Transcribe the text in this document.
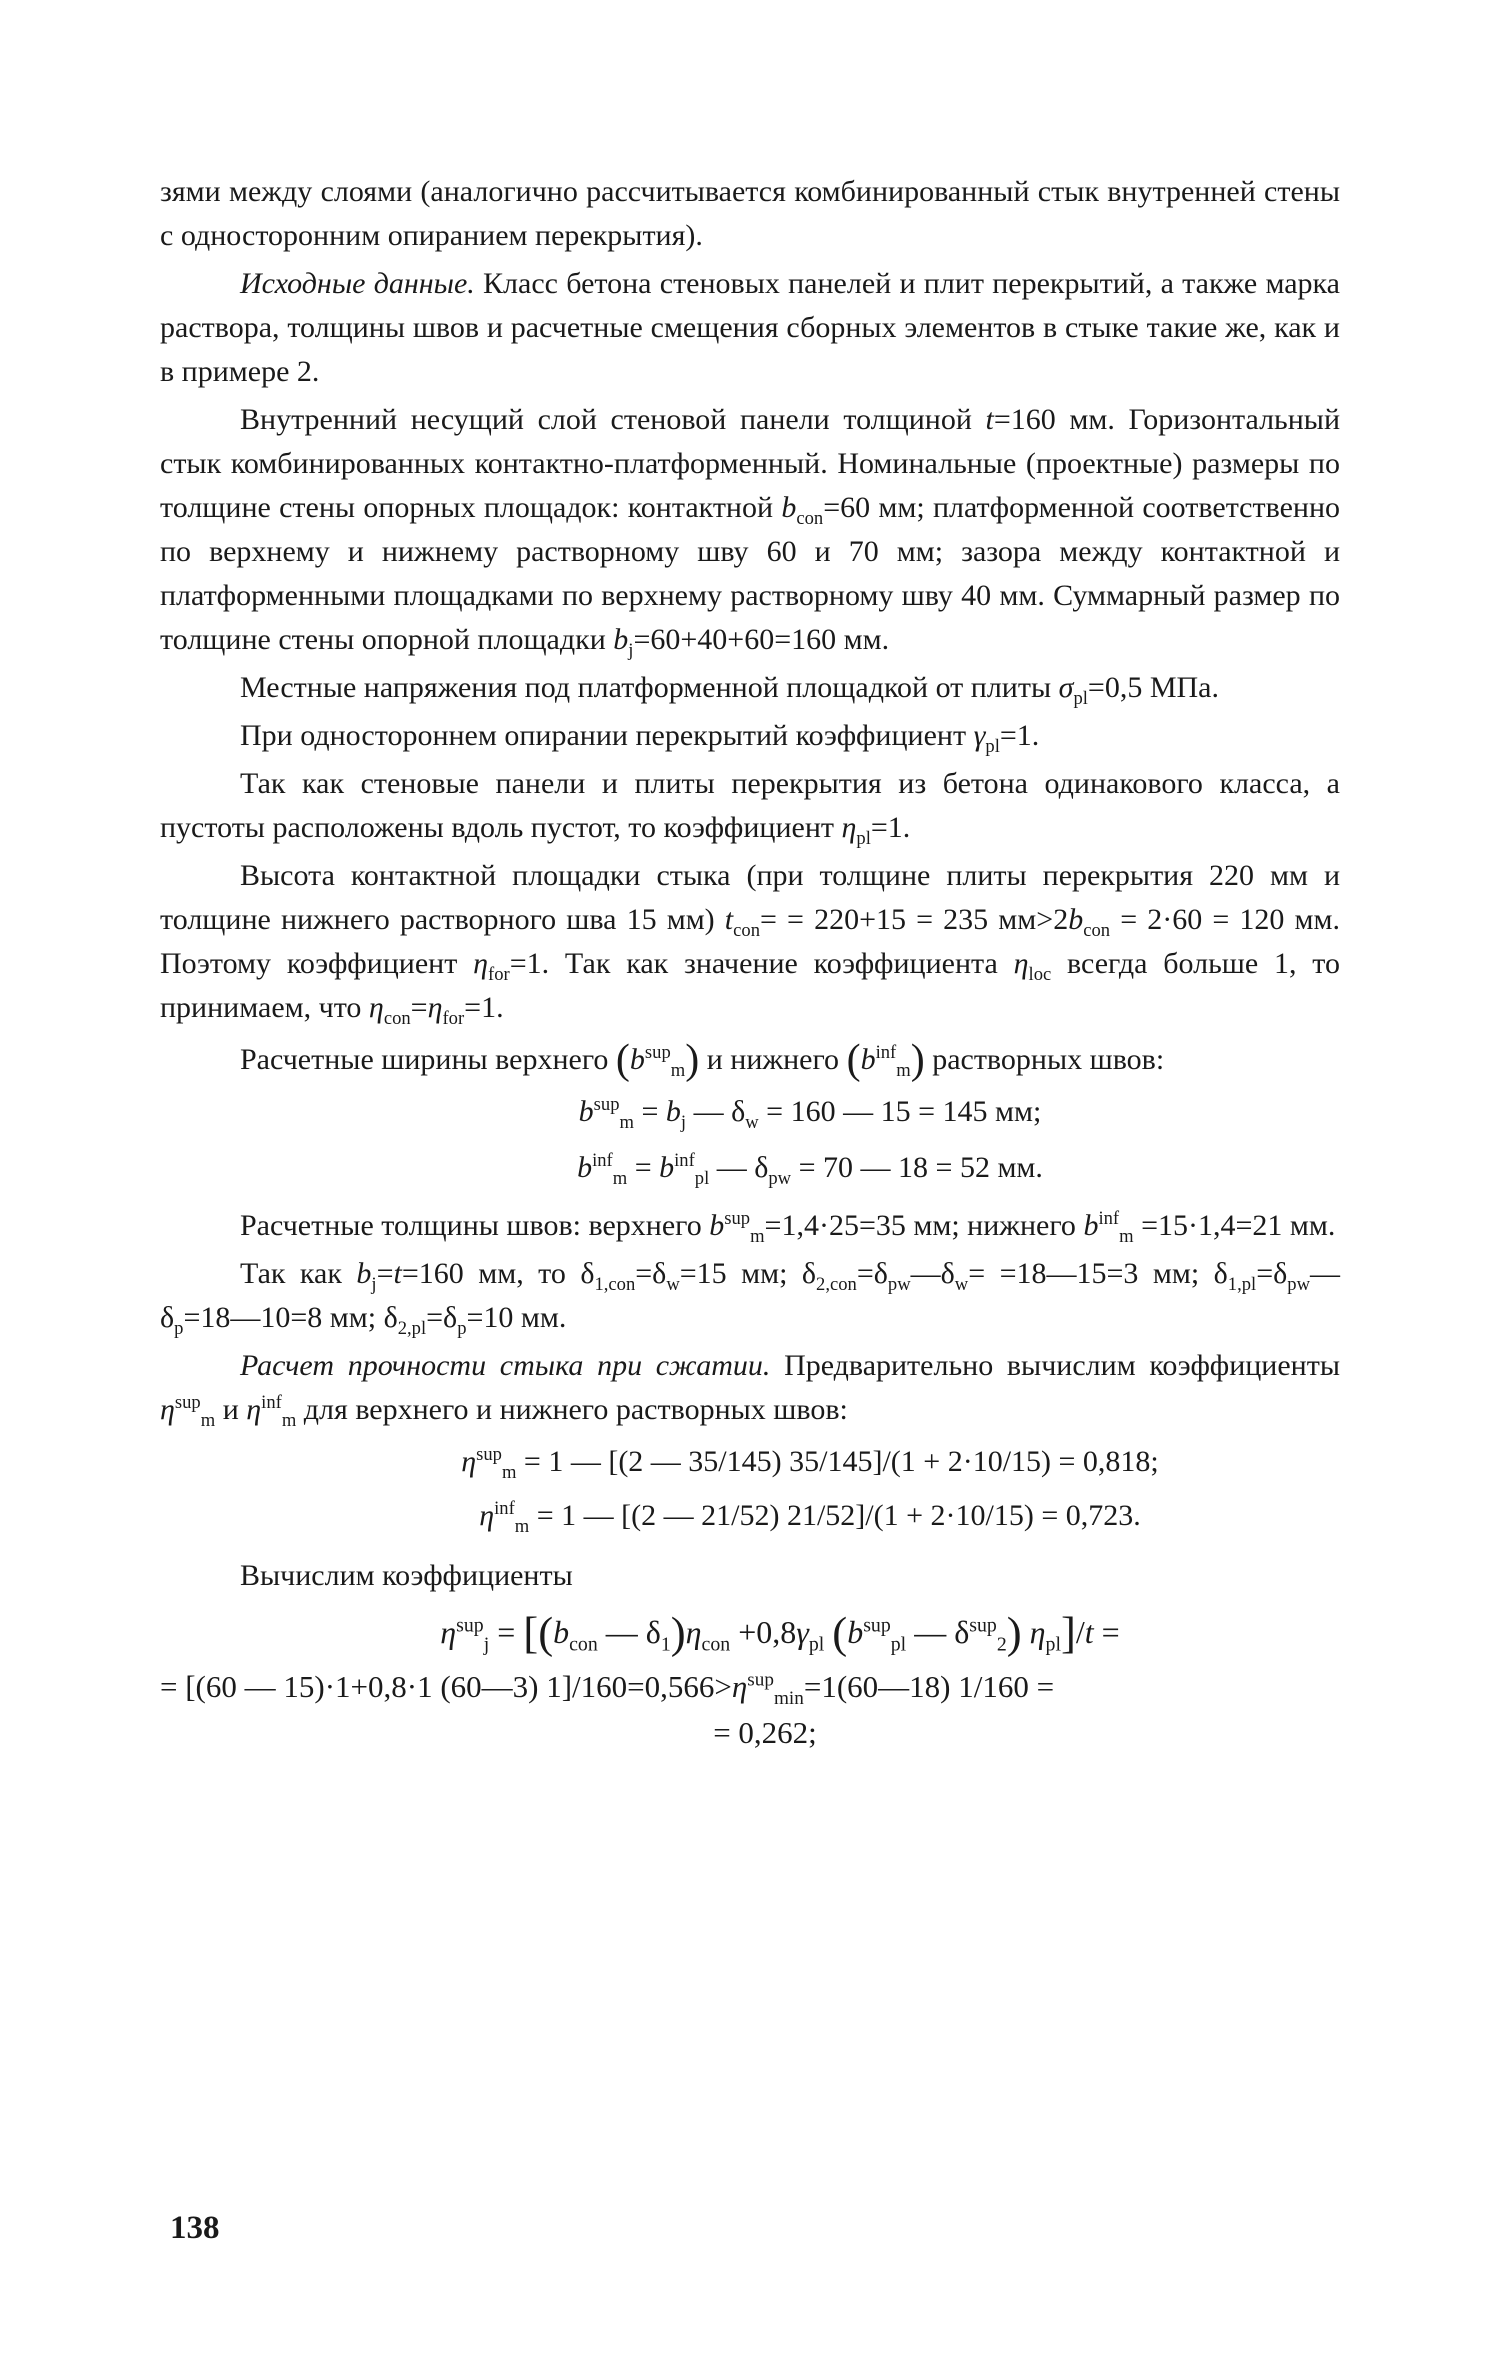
зями между слоями (аналогично рассчитывается комбинированный стык внутренней стены с односторонним опиранием перекрытия).

Исходные данные. Класс бетона стеновых панелей и плит перекрытий, а также марка раствора, толщины швов и расчетные смещения сборных элементов в стыке такие же, как и в примере 2.

Внутренний несущий слой стеновой панели толщиной t=160 мм. Горизонтальный стык комбинированных контактно-платформенный. Номинальные (проектные) размеры по толщине стены опорных площадок: контактной $b_{con}=60$ мм; платформенной соответственно по верхнему и нижнему растворному шву 60 и 70 мм; зазора между контактной и платформенными площадками по верхнему растворному шву 40 мм. Суммарный размер по толщине стены опорной площадки $b_j=60+40+60=160$ мм.

Местные напряжения под платформенной площадкой от плиты $\sigma_{pl}=0,5$ МПа.

При одностороннем опирании перекрытий коэффициент $\gamma_{pl}=1$.

Так как стеновые панели и плиты перекрытия из бетона одинакового класса, а пустоты расположены вдоль пустот, то коэффициент $\eta_{pl}=1$.

Высота контактной площадки стыка (при толщине плиты перекрытия 220 мм и толщине нижнего растворного шва 15 мм) $t_{con}= = 220+15 = 235$ $мм>2b_{con} = 2\cdot 60 = 120$ мм. Поэтому коэффициент $\eta_{for}=1$. Так как значение коэффициента $\eta_{loc}$ всегда больше 1, то принимаем, что $\eta_{con}=\eta_{for}=1$.

Расчетные ширины верхнего $(b^{sup}_m)$ и нижнего $(b^{inf}_m)$ растворных швов:

$b^{sup}_m = b_j$ — $\delta_w = 160$ — 15 = 145 мм;

$b^{inf}_m = b^{inf}_{pl}$ — $\delta_{pw} = 70$ — 18 = 52 мм.

Расчетные толщины швов: верхнего $b^{sup}_m=1,4\cdot 25=35$ мм; нижнего $b^{inf}_m =15\cdot 1,4=21$ мм.

Так как $b_j=t=160$ мм, то $\delta_{1,con}=\delta_w=15$ мм; $\delta_{2,con}=\delta_{pw}—\delta_w=$ =18—15=3 мм; $\delta_{1,pl}=\delta_{pw}—\delta_p=18—10=8$ мм; $\delta_{2,pl}=\delta_p=10$ мм.

Расчет прочности стыка при сжатии. Предварительно вычислим коэффициенты $\eta^{sup}_m$ и $\eta^{inf}_m$ для верхнего и нижнего растворных швов:

$\eta^{sup}_m = 1$ — [(2 — 35/145) 35/145]/(1 + 2·10/15) = 0,818;

$\eta^{inf}_m = 1$ — [(2 — 21/52) 21/52]/(1 + 2·10/15) = 0,723.

Вычислим коэффициенты

$\eta^{sup}_j = [(b_{con}$ — $\delta_1)\eta_{con} +0,8\gamma_{pl}$ ($b^{sup}_{pl}$ — $\delta^{sup}_2$) $\eta_{pl}]/t$ =

= [(60 — 15)·1+0,8·1 (60—3) $1]/160=0,566>\eta^{sup}_{min}=1(60—18) 1/160$ =

= 0,262;

138
